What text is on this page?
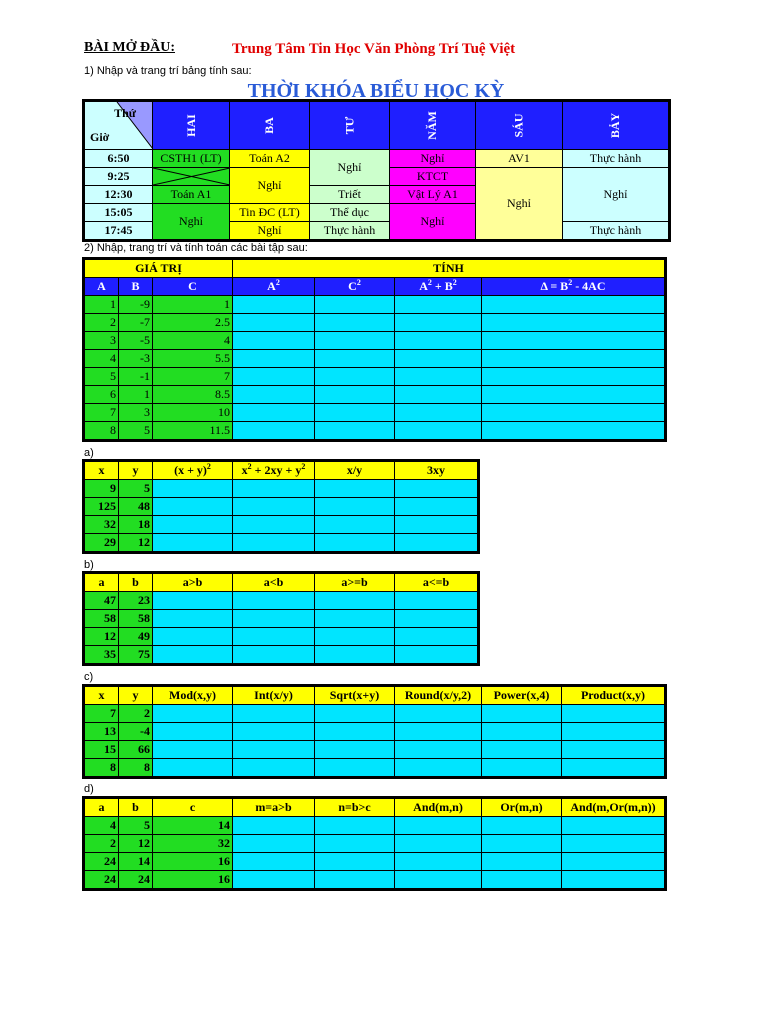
BÀI MỞ ĐẦU:	Trung Tâm Tin Học Văn Phòng Trí Tuệ Việt
1) Nhập và trang trí bảng tính sau:
THỜI KHÓA BIỂU HỌC KỲ
Thứ
Giờ	HAI	BA	TƯ	NĂM	SÁU	BẢY
6:50	CSTH1 (LT)	Toán A2	Nghỉ	Nghỉ	AV1	Thực hành
9:25		Nghỉ		KTCT	Nghỉ	Nghỉ
12:30	Toán A1		Triết	Vật Lý A1		
15:05	Nghỉ	Tin ĐC (LT)	Thể dục	Nghỉ		
17:45		Nghỉ	Thực hành			Thực hành
2) Nhập, trang trí và tính toán các bài tập sau:
GIÁ TRỊ			TÍNH			
A	B	C	$A^2$	$C^2$	$A^2 + B^2$	$\Delta = B^2 - 4AC$
1	-9	1				
2	-7	2.5				
3	-5	4				
4	-3	5.5				
5	-1	7				
6	1	8.5				
7	3	10				
8	5	11.5				
a)
x	y	$(x + y)^2$	$x^2 + 2xy + y^2$	x/y	3xy
9	5				
125	48				
32	18				
29	12				
b)
a	b	a>b	a<b	a>=b	a<=b
47	23				
58	58				
12	49				
35	75				
c)
x	y	Mod(x,y)	Int(x/y)	Sqrt(x+y)	Round(x/y,2)	Power(x,4)	Product(x,y)
7	2						
13	-4						
15	66						
8	8						
d)
a	b	c	m=a>b	n=b>c	And(m,n)	Or(m,n)	And(m,Or(m,n))
4	5	14					
2	12	32					
24	14	16					
24	24	16					
